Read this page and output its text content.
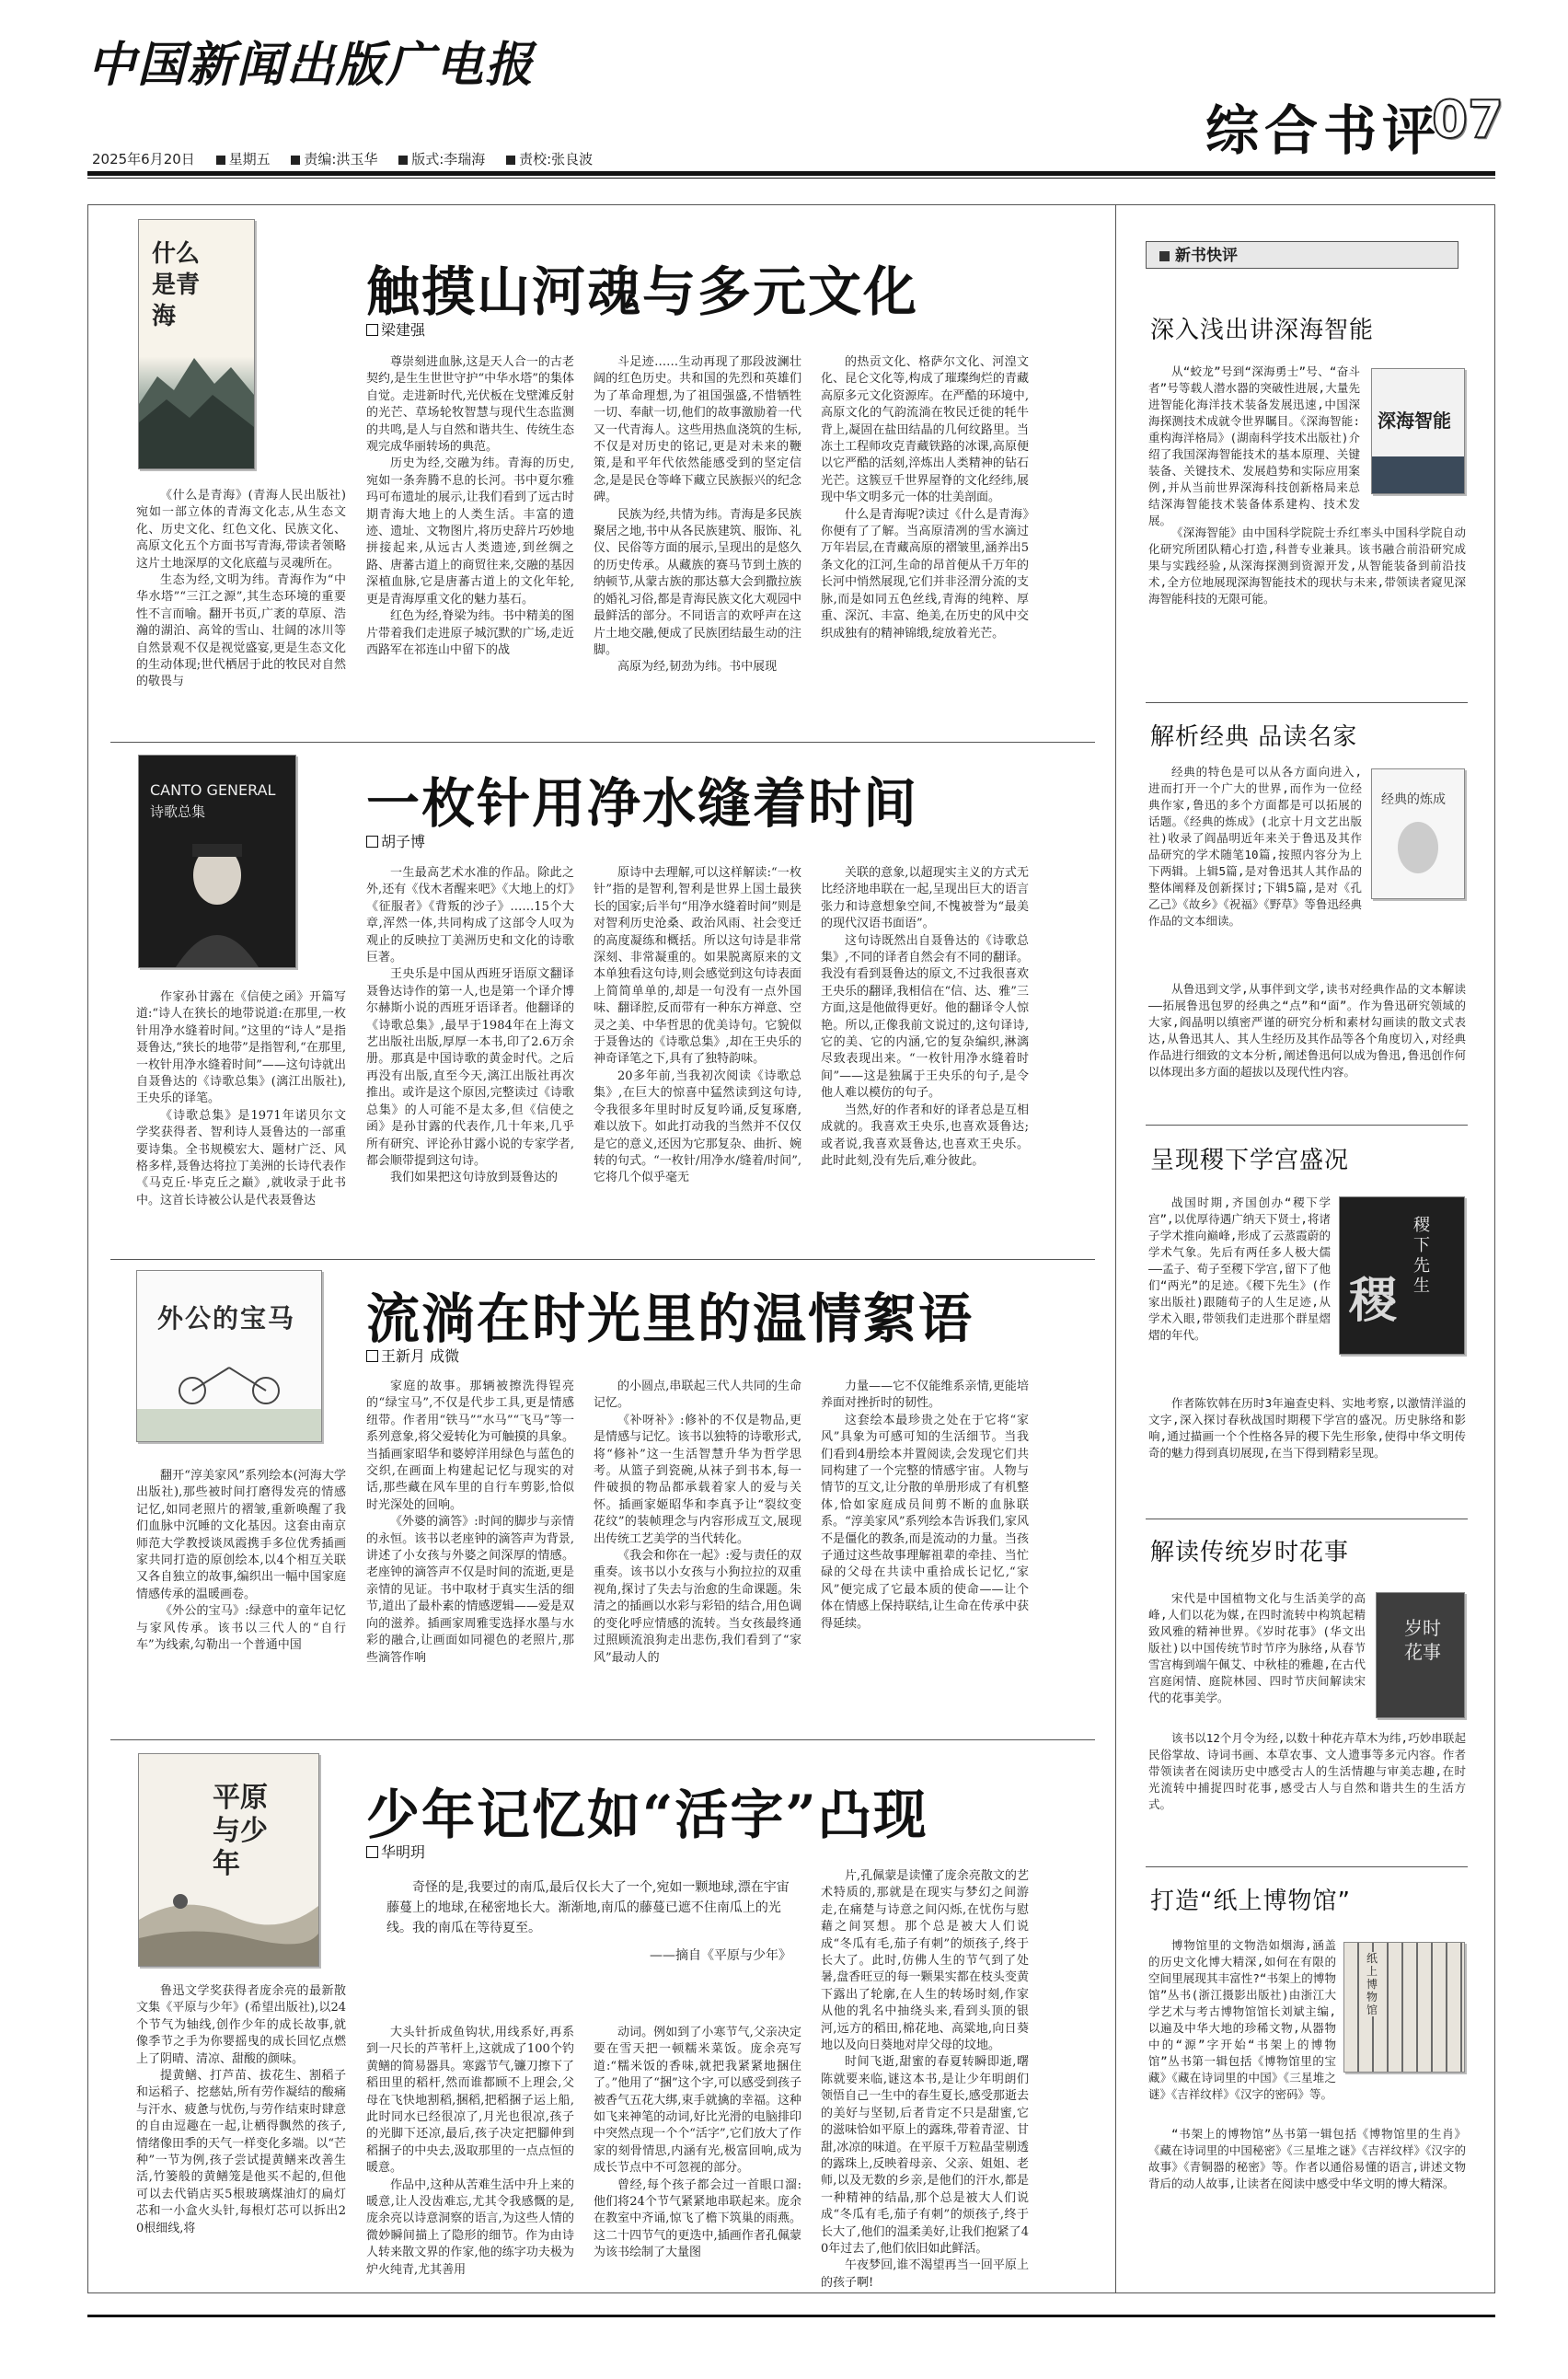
中国新闻出版广电报
2025年6月20日 星期五 责编:洪玉华 版式:李瑞海 责校:张良波	综合书评
07
什么是青海	触摸山河魂与多元文化
梁建强

《什么是青海》(青海人民出版社)宛如一部立体的青海文化志,从生态文化、历史文化、红色文化、民族文化、高原文化五个方面书写青海,带读者领略这片土地深厚的文化底蕴与灵魂所在。

生态为经,文明为纬。青海作为“中华水塔”“三江之源”,其生态环境的重要性不言而喻。翻开书页,广袤的草原、浩瀚的湖泊、高耸的雪山、壮阔的冰川等自然景观不仅是视觉盛宴,更是生态文化的生动体现;世代栖居于此的牧民对自然的敬畏与

尊崇刻进血脉,这是天人合一的古老契约,是生生世世守护“中华水塔”的集体自觉。走进新时代,光伏板在戈壁滩反射的光芒、草场轮牧智慧与现代生态监测的共鸣,是人与自然和谐共生、传统生态观完成华丽转场的典范。

历史为经,交融为纬。青海的历史,宛如一条奔腾不息的长河。书中夏尔雅玛可布遗址的展示,让我们看到了远古时期青海大地上的人类生活。丰富的遗迹、遗址、文物图片,将历史辞片巧妙地拼接起来,从远古人类遗迹,到丝绸之路、唐蕃古道上的商贸往来,交融的基因深植血脉,它是唐蕃古道上的文化年轮,更是青海厚重文化的魅力基石。

红色为经,脊梁为纬。书中精美的图片带着我们走进原子城沉默的广场,走近西路军在祁连山中留下的战

斗足迹……生动再现了那段波澜壮阔的红色历史。共和国的先烈和英雄们为了革命理想,为了祖国强盛,不惜牺牲一切、奉献一切,他们的故事激励着一代又一代青海人。这些用热血浇筑的生标,不仅是对历史的铭记,更是对未来的鞭策,是和平年代依然能感受到的坚定信念,是是民仓等峰下藏立民族振兴的纪念碑。

民族为经,共情为纬。青海是多民族聚居之地,书中从各民族建筑、服饰、礼仪、民俗等方面的展示,呈现出的是悠久的历史传承。从藏族的赛马节到土族的纳顿节,从蒙古族的那达慕大会到撒拉族的婚礼习俗,都是青海民族文化大观园中最鲜活的部分。不同语言的欢呼声在这片土地交融,便成了民族团结最生动的注脚。

高原为经,韧劲为纬。书中展现

的热贡文化、格萨尔文化、河湟文化、昆仑文化等,构成了璀璨绚烂的青藏高原多元文化资源库。在严酷的环境中,高原文化的气韵流淌在牧民迁徙的牦牛背上,凝固在盐田结晶的几何纹路里。当冻土工程师攻克青藏铁路的冰课,高原便以它严酷的活刻,淬炼出人类精神的钻石光芒。这簇豆千世界屋脊的文化经纬,展现中华文明多元一体的壮美剖面。

什么是青海呢?读过《什么是青海》你便有了了解。当高原清冽的雪水滴过万年岩层,在青藏高原的褶皱里,涵养出5条文化的江河,生命的昂首便从千万年的长河中悄然展现,它们并非泾渭分流的支脉,而是如同五色丝线,青海的纯粹、厚重、深沉、丰富、绝美,在历史的风中交织成独有的精神锦缎,绽放着光芒。

CANTO GENERAL
诗歌总集	一枚针用净水缝着时间
胡子博

作家孙甘露在《信使之函》开篇写道:“诗人在狭长的地带说道:在那里,一枚针用净水缝着时间。”这里的“诗人”是指聂鲁达,“狭长的地带”是指智利,“在那里,一枚针用净水缝着时间”——这句诗就出自聂鲁达的《诗歌总集》(漓江出版社),王央乐的译笔。

《诗歌总集》是1971年诺贝尔文学奖获得者、智利诗人聂鲁达的一部重要诗集。全书规模宏大、题材广泛、风格多样,聂鲁达将拉丁美洲的长诗代表作《马克丘·毕克丘之巅》,就收录于此书中。这首长诗被公认是代表聂鲁达

一生最高艺术水准的作品。除此之外,还有《伐木者醒来吧》《大地上的灯》《征服者》《背叛的沙子》……15个大章,浑然一体,共同构成了这部令人叹为观止的反映拉丁美洲历史和文化的诗歌巨著。

王央乐是中国从西班牙语原文翻译聂鲁达诗作的第一人,也是第一个译介博尔赫斯小说的西班牙语译者。他翻译的《诗歌总集》,最早于1984年在上海文艺出版社出版,厚厚一本书,印了2.6万余册。那真是中国诗歌的黄金时代。之后再没有出版,直至今天,漓江出版社再次推出。或许是这个原因,完整读过《诗歌总集》的人可能不是太多,但《信使之函》是孙甘露的代表作,几十年来,几乎所有研究、评论孙甘露小说的专家学者,都会顺带提到这句诗。

我们如果把这句诗放到聂鲁达的

原诗中去理解,可以这样解读:“一枚针”指的是智利,智利是世界上国土最狭长的国家;后半句“用净水缝着时间”则是对智利历史沧桑、政治风雨、社会变迁的高度凝练和概括。所以这句诗是非常深刻、非常凝重的。如果脱离原来的文本单独看这句诗,则会感觉到这句诗表面上简简单单的,却是一句没有一点外国味、翻译腔,反而带有一种东方禅意、空灵之美、中华哲思的优美诗句。它貌似于聂鲁达的《诗歌总集》,却在王央乐的神奇译笔之下,具有了独特韵味。

20多年前,当我初次阅读《诗歌总集》,在巨大的惊喜中猛然读到这句诗,令我很多年里时时反复吟诵,反复琢磨,难以放下。如此打动我的当然并不仅仅是它的意义,还因为它那复杂、曲折、婉转的句式。“一枚针/用净水/缝着/时间”,它将几个似乎毫无

关联的意象,以超现实主义的方式无比经济地串联在一起,呈现出巨大的语言张力和诗意想象空间,不愧被誉为“最美的现代汉语书面语”。

这句诗既然出自聂鲁达的《诗歌总集》,不同的译者自然会有不同的翻译。我没有看到聂鲁达的原文,不过我很喜欢王央乐的翻译,我相信在“信、达、雅”三方面,这是他做得更好。他的翻译令人惊艳。所以,正像我前文说过的,这句译诗,它的美、它的内涵,它的复杂编织,淋漓尽致表现出来。“一枚针用净水缝着时间”——这是独属于王央乐的句子,是令他人难以模仿的句子。

当然,好的作者和好的译者总是互相成就的。我喜欢王央乐,也喜欢聂鲁达;或者说,我喜欢聂鲁达,也喜欢王央乐。此时此刻,没有先后,难分彼此。

外公的宝马 流淌在时光里的温情絮语
王新月 成微

翻开“淳美家风”系列绘本(河海大学出版社),那些被时间打磨得发亮的情感记忆,如同老照片的褶皱,重新唤醒了我们血脉中沉睡的文化基因。这套由南京师范大学教授谈凤霞携手多位优秀插画家共同打造的原创绘本,以4个相互关联又各自独立的故事,编织出一幅中国家庭情感传承的温暖画卷。

《外公的宝马》:绿意中的童年记忆与家风传承。该书以三代人的“自行车”为线索,勾勒出一个普通中国

家庭的故事。那辆被擦洗得锃亮的“绿宝马”,不仅是代步工具,更是情感纽带。作者用“铁马”“水马”“飞马”等一系列意象,将父爱转化为可触摸的具象。当插画家昭华和婆婷洋用绿色与蓝色的交织,在画面上构建起记忆与现实的对话,那些藏在风车里的自行车剪影,恰似时光深处的回响。

《外婆的滴答》:时间的脚步与亲情的永恒。该书以老座钟的滴答声为背景,讲述了小女孩与外婆之间深厚的情感。老座钟的滴答声不仅是时间的流逝,更是亲情的见证。书中取材于真实生活的细节,道出了最朴素的情感逻辑——爱是双向的滋养。插画家周雅雯选择水墨与水彩的融合,让画面如同褪色的老照片,那些滴答作响

的小圆点,串联起三代人共同的生命记忆。

《补呀补》:修补的不仅是物品,更是情感与记忆。该书以独特的诗歌形式,将“修补”这一生活智慧升华为哲学思考。从篮子到瓷碗,从袜子到书本,每一件破损的物品都承载着家人的爱与关怀。插画家姬昭华和李真予让“裂纹变花纹”的装帧理念与内容形成互文,展现出传统工艺美学的当代转化。

《我会和你在一起》:爱与责任的双重奏。该书以小女孩与小狗拉拉的双重视角,探讨了失去与治愈的生命课题。朱清之的插画以水彩与彩铅的结合,用色调的变化呼应情感的流转。当女孩最终通过照顾流浪狗走出悲伤,我们看到了“家风”最动人的

力量——它不仅能维系亲情,更能培养面对挫折时的韧性。

这套绘本最珍贵之处在于它将“家风”具象为可感可知的生活细节。当我们看到4册绘本并置阅读,会发现它们共同构建了一个完整的情感宇宙。人物与情节的互文,让分散的单册形成了有机整体,恰如家庭成员间剪不断的血脉联系。“淳美家风”系列绘本告诉我们,家风不是僵化的教条,而是流动的力量。当孩子通过这些故事理解祖辈的牵挂、当忙碌的父母在共读中重拾成长记忆,“家风”便完成了它最本质的使命——让个体在情感上保持联结,让生命在传承中获得延续。

平原与少年
少年记忆如“活字”凸现
华明玥
奇怪的是,我要过的南瓜,最后仅长大了一个,宛如一颗地球,漂在宇宙藤蔓上的地球,在秘密地长大。渐渐地,南瓜的藤蔓已遮不住南瓜上的光线。我的南瓜在等待夏至。
——摘自《平原与少年》

鲁迅文学奖获得者庞余亮的最新散文集《平原与少年》(希望出版社),以24个节气为轴线,创作少年的成长故事,就像季节之手为你婴摇曳的成长回忆点燃上了阴晴、清凉、甜酸的颜味。

提黄鳝、打芦苗、拔花生、割稻子和运稻子、挖慈姑,所有劳作凝结的酸痛与汗水、疲惫与忧伤,与劳作结束时肆意的自由逗趣在一起,让栖得飘然的孩子,情绪像田季的天气一样变化多端。以“芒种”一节为例,孩子尝试提黄鳝来改善生活,竹篓般的黄鳝笼是他买不起的,但他可以去代销店买5根玻璃煤油灯的扁灯芯和一小盒火头针,每根灯芯可以拆出20根细线,将

大头针折成鱼钩状,用线系好,再系到一尺长的芦苇杆上,这就成了100个钓黄鳝的简易器具。寒露节气,镰刀擦下了稻田里的稻杆,然而谁都顾不上理会,父母在飞快地割稻,捆稻,把稻捆子运上船,此时同水已经很凉了,月光也很凉,孩子的光脚下还凉,最后,孩子决定把腳伸到稻捆子的中央去,汲取那里的一点点恒的暖意。

作品中,这种从苦难生活中升上来的暖意,让人没齿难忘,尤其令我感慨的是,庞余亮以诗意洞察的语言,为这些人情的微妙瞬间描上了隐形的细节。作为由诗人转来散文界的作家,他的练字功夫极为炉火纯青,尤其善用

动词。例如到了小寒节气,父亲决定要在雪天把一顿糯米菜饭。庞余亮写道:“糯米饭的香味,就把我紧紧地捆住了。”他用了“捆”这个字,可以感受到孩子被香气五花大绑,束手就擒的幸福。这种如飞来神笔的动词,好比光滑的电脑排印中突然点现一个个“活字”,它们放大了作家的刻骨情思,内涵有光,极富回响,成为成长节点中不可忽视的部分。

曾经,每个孩子都会过一首眼口溜:他们将24个节气紧紧地串联起来。庞余在教室中齐诵,惊飞了檐下筑巢的雨燕。这二十四节气的更迭中,插画作者孔佩蒙为该书绘制了大量图

片,孔佩蒙是读懂了庞余亮散文的艺术特质的,那就是在现实与梦幻之间游走,在痛楚与诗意之间闪烁,在忧伤与慰藉之间冥想。那个总是被大人们说成“冬瓜有毛,茄子有刺”的烦孩子,终于长大了。此时,仿佛人生的节气到了处暑,盘香旺豆的每一颗果实都在枝头变黄下露出了轮廓,在人生的转场时刻,作家从他的乳名中抽绕头来,看到头顶的银河,远方的稻田,棉花地、高粱地,向日葵地以及向日葵地对岸父母的坟地。

时间飞逝,甜蜜的春夏转瞬即逝,曙陈就要来临,谜这本书,是让少年明朗们领悟自己一生中的春生夏长,感受那逝去的美好与坚韧,后者肯定不只是甜蜜,它的滋味恰如平原上的露珠,带着青涩、甘甜,冰凉的味道。在平原千万粒晶莹剔透的露珠上,反映着母亲、父亲、姐姐、老师,以及无数的乡亲,是他们的汗水,都是一种精神的结晶,那个总是被大人们说成“冬瓜有毛,茄子有刺”的烦孩子,终于长大了,他们的温柔美好,让我们抱紧了40年过去了,他们依旧如此鲜活。

午夜梦回,谁不渴望再当一回平原上的孩子啊!

新书快评
深入浅出讲深海智能
深海智能

从“蛟龙”号到“深海勇士”号、“奋斗者”号等载人潜水器的突破性进展,大量先进智能化海洋技术装备发展迅速,中国深海探测技术成就令世界瞩目。《深海智能:重构海洋格局》(湖南科学技术出版社)介绍了我国深海智能技术的基本原理、关键装备、关键技术、发展趋势和实际应用案例,并从当前世界深海科技创新格局来总结深海智能技术装备体系建构、技术发展。

《深海智能》由中国科学院院士乔红率头中国科学院自动化研究所团队精心打造,科普专业兼具。该书融合前沿研究成果与实践经验,从深海探测到资源开发,从智能装备到前沿技术,全方位地展现深海智能技术的现状与未来,带领读者窥见深海智能科技的无限可能。

解析经典 品读名家
经典的炼成

经典的特色是可以从各方面向进入,进而打开一个广大的世界,而作为一位经典作家,鲁迅的多个方面都是可以拓展的话题。《经典的炼成》(北京十月文艺出版社)收录了阎晶明近年来关于鲁迅及其作品研究的学术随笔10篇,按照内容分为上下两辑。上辑5篇,是对鲁迅其人其作品的整体阐释及创新探讨;下辑5篇,是对《孔乙己》《故乡》《祝福》《野草》等鲁迅经典作品的文本细读。

从鲁迅到文学,从事伴到文学,读书对经典作品的文本解读——拓展鲁迅包罗的经典之“点”和“面”。作为鲁迅研究领域的大家,阎晶明以缜密严谨的研究分析和素材勾画读的散文式表达,从鲁迅其人、其人生经历及其作品等各个角度切入,对经典作品进行细致的文本分析,阐述鲁迅何以成为鲁迅,鲁迅创作何以体现出多方面的超拔以及现代性内容。

呈现稷下学宫盛况
稷下先生
稷

战国时期,齐国创办“稷下学宫”,以优厚待遇广纳天下贤士,将诸子学术推向巅峰,形成了云蒸霞蔚的学术气象。先后有两任多人极大儒——孟子、荀子至稷下学宫,留下了他们“两光”的足迹。《稷下先生》(作家出版社)跟随荀子的人生足迹,从学术入眼,带领我们走进那个群星熠熠的年代。

作者陈钦韩在历时3年遍查史料、实地考察,以激情洋溢的文字,深入探讨春秋战国时期稷下学宫的盛况。历史脉络和影响,通过描画一个个性格各异的稷下先生形象,使得中华文明传奇的魅力得到真切展现,在当下得到精彩呈现。

解读传统岁时花事
岁时花事

宋代是中国植物文化与生活美学的高峰,人们以花为媒,在四时流转中构筑起精致风雅的精神世界。《岁时花事》(华文出版社)以中国传统节时节序为脉络,从春节雪宫梅到端午佩艾、中秋桂的雅趣,在古代宫庭闲情、庭院林园、四时节庆间解读宋代的花事美学。

该书以12个月令为经,以数十种花卉草木为纬,巧妙串联起民俗掌故、诗词书画、本草农事、文人遗事等多元内容。作者带领读者在阅读历史中感受古人的生活情趣与审美志趣,在时光流转中捕捉四时花事,感受古人与自然和谐共生的生活方式。

打造“纸上博物馆”
纸上博物馆

博物馆里的文物浩如烟海,涵盖的历史文化博大精深,如何在有限的空间里展现其丰富性?“书架上的博物馆”丛书(浙江摄影出版社)由浙江大学艺术与考古博物馆馆长刘斌主编,以遍及中华大地的珍稀文物,从器物中的“源”字开始“书架上的博物馆”丛书第一辑包括《博物馆里的宝藏》《藏在诗词里的中国》《三星堆之谜》《吉祥纹样》《汉字的密码》等。

“书架上的博物馆”丛书第一辑包括《博物馆里的生肖》《藏在诗词里的中国秘密》《三星堆之谜》《吉祥纹样》《汉字的故事》《青铜器的秘密》等。作者以通俗易懂的语言,讲述文物背后的动人故事,让读者在阅读中感受中华文明的博大精深。
